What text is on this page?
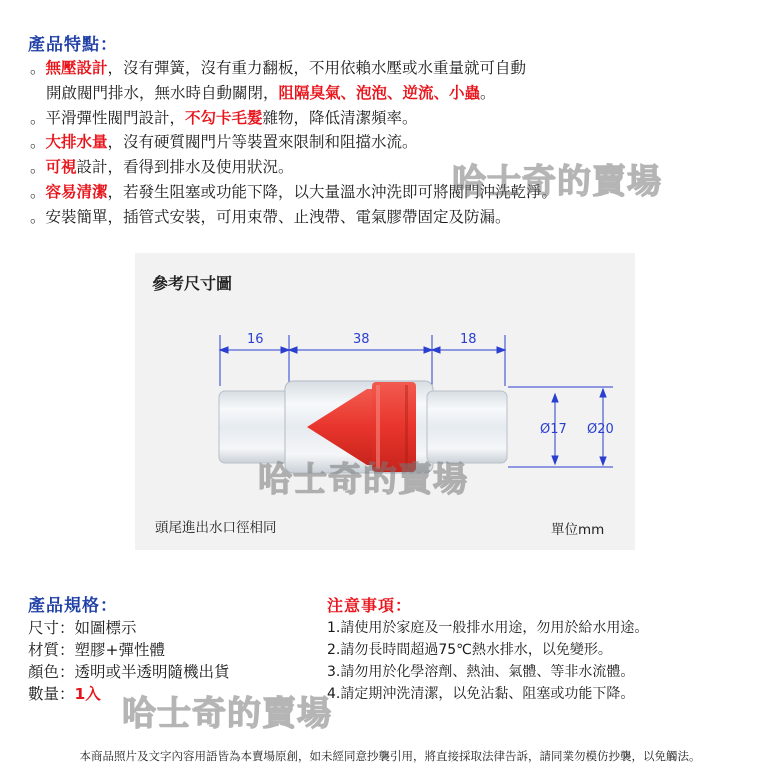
產品特點：
。無壓設計，沒有彈簧，沒有重力翻板，不用依賴水壓或水重量就可自動
開啟閥門排水，無水時自動關閉，阻隔臭氣、泡泡、逆流、小蟲。
。平滑彈性閥門設計，不勾卡毛髮雜物，降低清潔頻率。
。大排水量，沒有硬質閥門片等裝置來限制和阻擋水流。
。可視設計，看得到排水及使用狀況。
。容易清潔，若發生阻塞或功能下降，以大量溫水沖洗即可將閥門沖洗乾淨。
。安裝簡單，插管式安裝，可用束帶、止洩帶、電氣膠帶固定及防漏。
哈士奇的賣場
參考尺寸圖
16	38	18
Ø17 Ø20
哈士奇的賣場
頭尾進出水口徑相同	單位mm
產品規格：
尺寸：如圖標示
材質：塑膠+彈性體
顏色：透明或半透明隨機出貨
數量：1入
注意事項：
1.請使用於家庭及一般排水用途，勿用於給水用途。
2.請勿長時間超過75℃熱水排水，以免變形。
3.請勿用於化學溶劑、熱油、氣體、等非水流體。
4.請定期沖洗清潔，以免沾黏、阻塞或功能下降。
哈士奇的賣場
本商品照片及文字內容用語皆為本賣場原創，如未經同意抄襲引用，將直接採取法律告訴，請同業勿模仿抄襲，以免觸法。
